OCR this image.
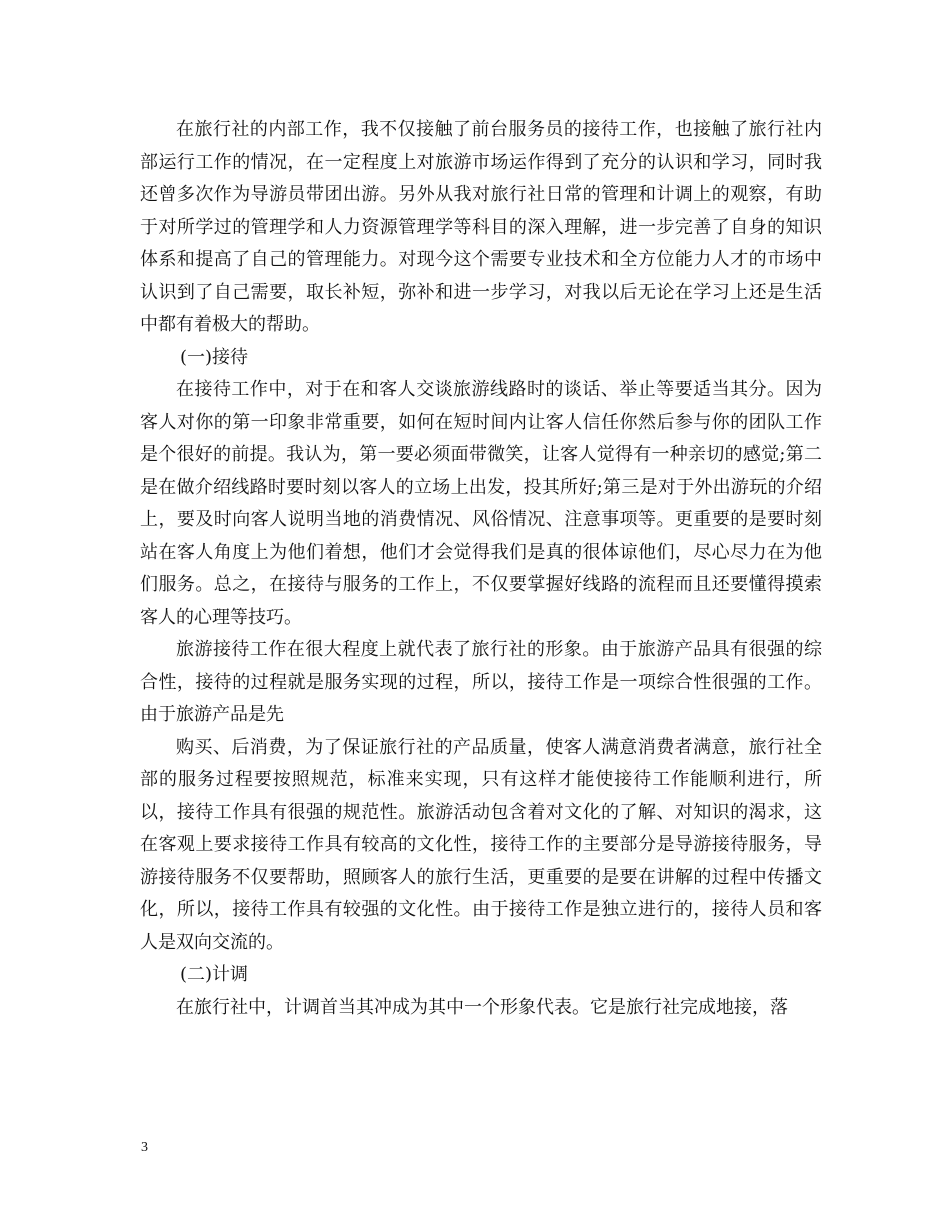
在旅行社的内部工作，我不仅接触了前台服务员的接待工作，也接触了旅行社内部运行工作的情况，在一定程度上对旅游市场运作得到了充分的认识和学习，同时我还曾多次作为导游员带团出游。另外从我对旅行社日常的管理和计调上的观察，有助于对所学过的管理学和人力资源管理学等科目的深入理解，进一步完善了自身的知识体系和提高了自己的管理能力。对现今这个需要专业技术和全方位能力人才的市场中认识到了自己需要，取长补短，弥补和进一步学习，对我以后无论在学习上还是生活中都有着极大的帮助。

(一)接待

在接待工作中，对于在和客人交谈旅游线路时的谈话、举止等要适当其分。因为客人对你的第一印象非常重要，如何在短时间内让客人信任你然后参与你的团队工作是个很好的前提。我认为，第一要必须面带微笑，让客人觉得有一种亲切的感觉;第二是在做介绍线路时要时刻以客人的立场上出发，投其所好;第三是对于外出游玩的介绍上，要及时向客人说明当地的消费情况、风俗情况、注意事项等。更重要的是要时刻站在客人角度上为他们着想，他们才会觉得我们是真的很体谅他们，尽心尽力在为他们服务。总之，在接待与服务的工作上，不仅要掌握好线路的流程而且还要懂得摸索客人的心理等技巧。

旅游接待工作在很大程度上就代表了旅行社的形象。由于旅游产品具有很强的综合性，接待的过程就是服务实现的过程，所以，接待工作是一项综合性很强的工作。由于旅游产品是先

购买、后消费，为了保证旅行社的产品质量，使客人满意消费者满意，旅行社全部的服务过程要按照规范，标准来实现，只有这样才能使接待工作能顺利进行，所以，接待工作具有很强的规范性。旅游活动包含着对文化的了解、对知识的渴求，这在客观上要求接待工作具有较高的文化性，接待工作的主要部分是导游接待服务，导游接待服务不仅要帮助，照顾客人的旅行生活，更重要的是要在讲解的过程中传播文化，所以，接待工作具有较强的文化性。由于接待工作是独立进行的，接待人员和客人是双向交流的。

(二)计调

在旅行社中，计调首当其冲成为其中一个形象代表。它是旅行社完成地接，落

3
